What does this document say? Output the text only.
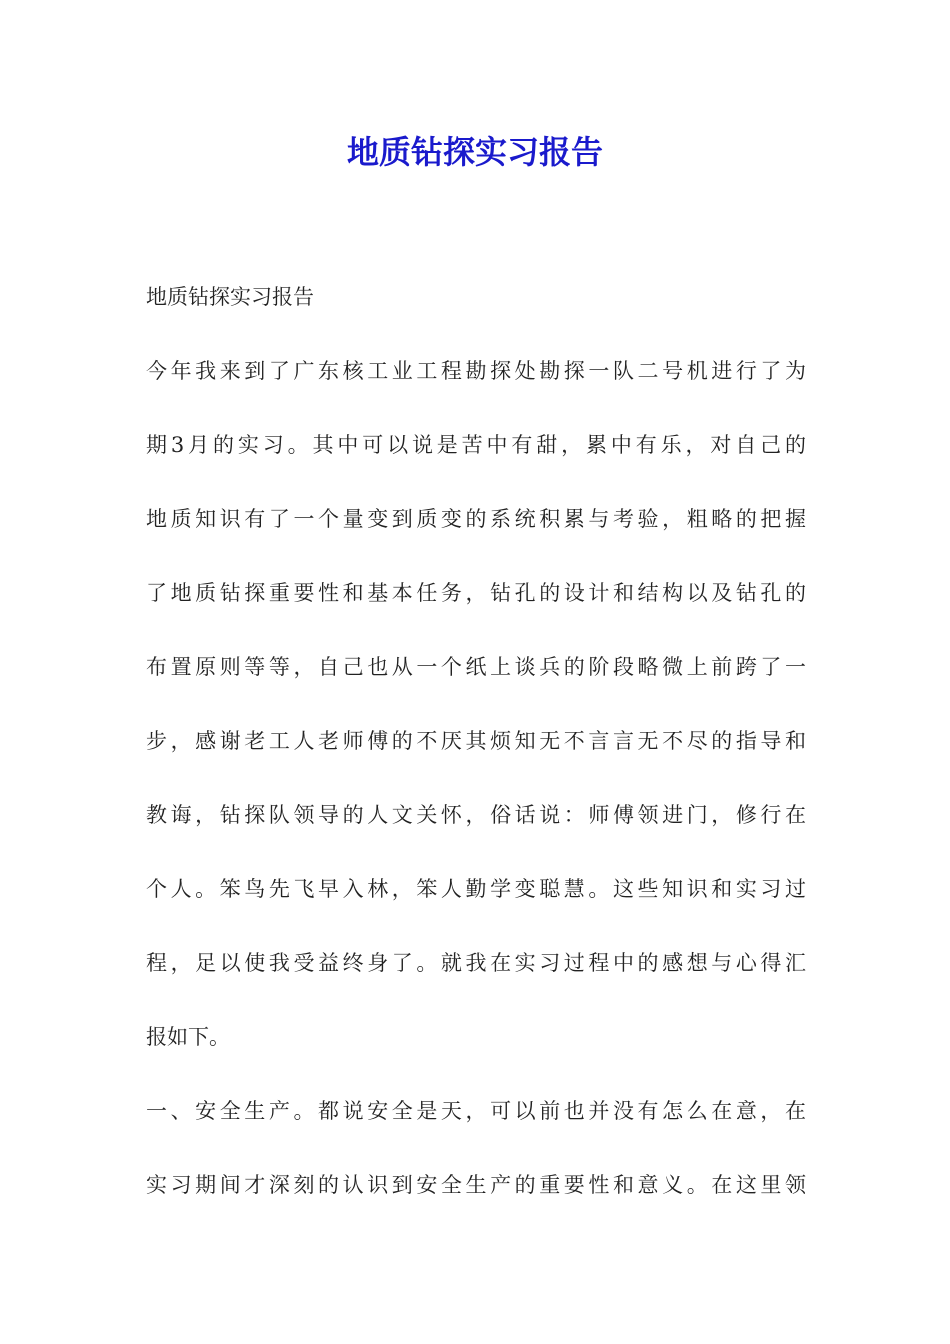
地质钻探实习报告
地质钻探实习报告
今年我来到了广东核工业工程勘探处勘探一队二号机进行了为
期3月的实习。其中可以说是苦中有甜，累中有乐，对自己的
地质知识有了一个量变到质变的系统积累与考验，粗略的把握
了地质钻探重要性和基本任务，钻孔的设计和结构以及钻孔的
布置原则等等，自己也从一个纸上谈兵的阶段略微上前跨了一
步，感谢老工人老师傅的不厌其烦知无不言言无不尽的指导和
教诲，钻探队领导的人文关怀，俗话说：师傅领进门，修行在
个人。笨鸟先飞早入林，笨人勤学变聪慧。这些知识和实习过
程，足以使我受益终身了。就我在实习过程中的感想与心得汇
报如下。
一、安全生产。都说安全是天，可以前也并没有怎么在意，在
实习期间才深刻的认识到安全生产的重要性和意义。在这里领
